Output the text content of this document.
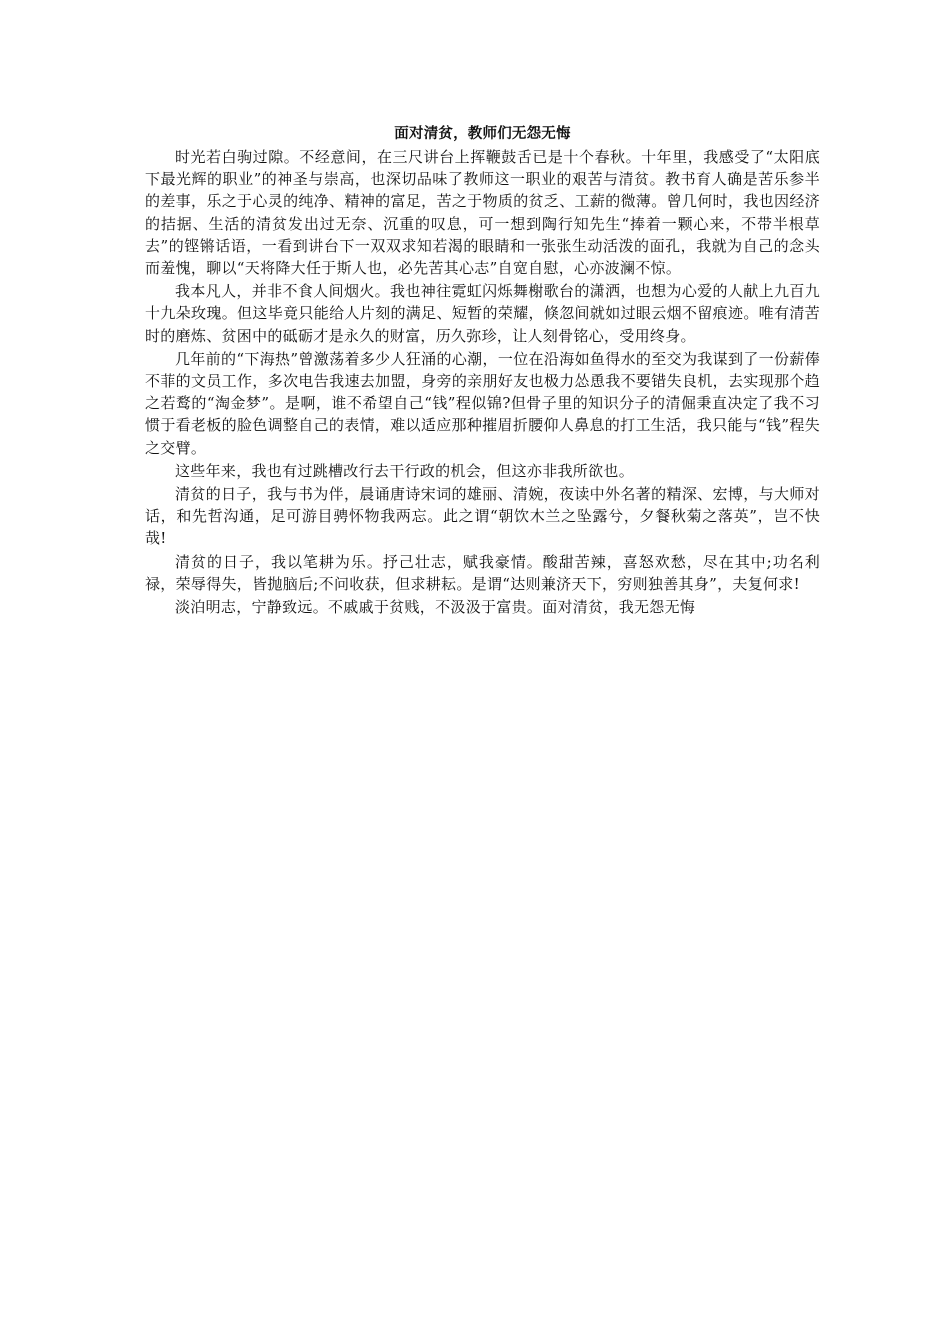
面对清贫，教师们无怨无悔

时光若白驹过隙。不经意间，在三尺讲台上挥鞭鼓舌已是十个春秋。十年里，我感受了“太阳底下最光辉的职业”的神圣与崇高，也深切品味了教师这一职业的艰苦与清贫。教书育人确是苦乐参半的差事，乐之于心灵的纯净、精神的富足，苦之于物质的贫乏、工薪的微薄。曾几何时，我也因经济的拮据、生活的清贫发出过无奈、沉重的叹息，可一想到陶行知先生“捧着一颗心来，不带半根草去”的铿锵话语，一看到讲台下一双双求知若渴的眼睛和一张张生动活泼的面孔，我就为自己的念头而羞愧，聊以“天将降大任于斯人也，必先苦其心志”自宽自慰，心亦波澜不惊。

我本凡人，并非不食人间烟火。我也神往霓虹闪烁舞榭歌台的潇洒，也想为心爱的人献上九百九十九朵玫瑰。但这毕竟只能给人片刻的满足、短暂的荣耀，倏忽间就如过眼云烟不留痕迹。唯有清苦时的磨炼、贫困中的砥砺才是永久的财富，历久弥珍，让人刻骨铭心，受用终身。

几年前的“下海热”曾激荡着多少人狂涌的心潮，一位在沿海如鱼得水的至交为我谋到了一份薪俸不菲的文员工作，多次电告我速去加盟，身旁的亲朋好友也极力怂恿我不要错失良机，去实现那个趋之若鹜的“淘金梦”。是啊，谁不希望自己“钱”程似锦?但骨子里的知识分子的清倔秉直决定了我不习惯于看老板的脸色调整自己的表情，难以适应那种摧眉折腰仰人鼻息的打工生活，我只能与“钱”程失之交臂。

这些年来，我也有过跳槽改行去干行政的机会，但这亦非我所欲也。

清贫的日子，我与书为伴，晨诵唐诗宋词的雄丽、清婉，夜读中外名著的精深、宏博，与大师对话，和先哲沟通，足可游目骋怀物我两忘。此之谓“朝饮木兰之坠露兮，夕餐秋菊之落英”，岂不快哉!

清贫的日子，我以笔耕为乐。抒己壮志，赋我豪情。酸甜苦辣，喜怒欢愁，尽在其中;功名利禄，荣辱得失，皆抛脑后;不问收获，但求耕耘。是谓“达则兼济天下，穷则独善其身”，夫复何求!

淡泊明志，宁静致远。不戚戚于贫贱，不汲汲于富贵。面对清贫，我无怨无悔
